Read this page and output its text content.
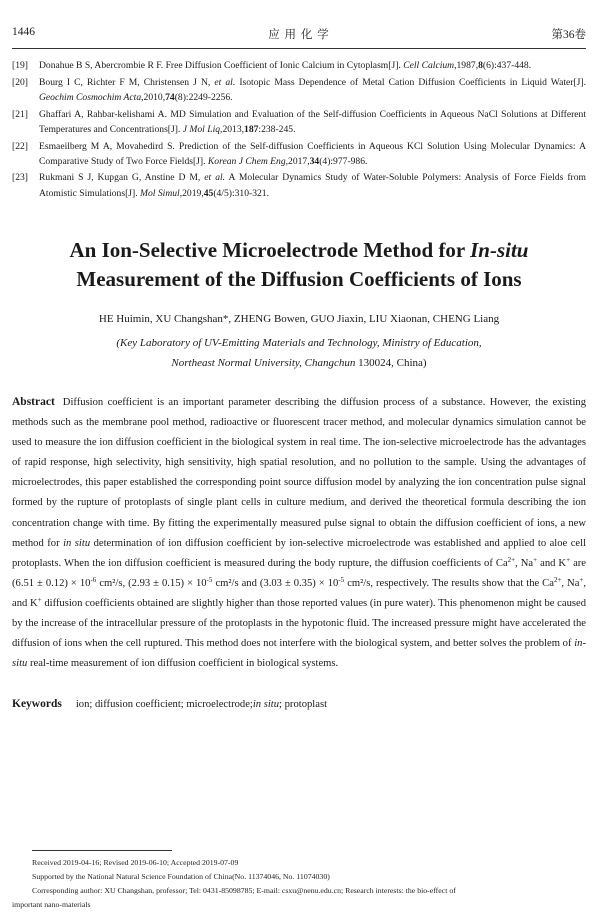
1446	应 用 化 学	第36卷
[19] Donahue B S, Abercrombie R F. Free Diffusion Coefficient of Ionic Calcium in Cytoplasm[J]. Cell Calcium,1987,8(6):437-448.
[20] Bourg I C, Richter F M, Christensen J N, et al. Isotopic Mass Dependence of Metal Cation Diffusion Coefficients in Liquid Water[J]. Geochim Cosmochim Acta,2010,74(8):2249-2256.
[21] Ghaffari A, Rahbar-kelishami A. MD Simulation and Evaluation of the Self-diffusion Coefficients in Aqueous NaCl Solutions at Different Temperatures and Concentrations[J]. J Mol Liq,2013,187:238-245.
[22] Esmaeilberg M A, Movahedird S. Prediction of the Self-diffusion Coefficients in Aqueous KCl Solution Using Molecular Dynamics: A Comparative Study of Two Force Fields[J]. Korean J Chem Eng,2017,34(4):977-986.
[23] Rukmani S J, Kupgan G, Anstine D M, et al. A Molecular Dynamics Study of Water-Soluble Polymers: Analysis of Force Fields from Atomistic Simulations[J]. Mol Simul,2019,45(4/5):310-321.
An Ion-Selective Microelectrode Method for In-situ
Measurement of the Diffusion Coefficients of Ions
HE Huimin, XU Changshan*, ZHENG Bowen, GUO Jiaxin, LIU Xiaonan, CHENG Liang
(Key Laboratory of UV-Emitting Materials and Technology, Ministry of Education,
Northeast Normal University, Changchun 130024, China)
Abstract Diffusion coefficient is an important parameter describing the diffusion process of a substance. However, the existing methods such as the membrane pool method, radioactive or fluorescent tracer method, and molecular dynamics simulation cannot be used to measure the ion diffusion coefficient in the biological system in real time. The ion-selective microelectrode has the advantages of rapid response, high selectivity, high sensitivity, high spatial resolution, and no pollution to the sample. Using the advantages of microelectrodes, this paper established the corresponding point source diffusion model by analyzing the ion concentration pulse signal formed by the rupture of protoplasts of single plant cells in culture medium, and derived the theoretical formula describing the ion concentration change with time. By fitting the experimentally measured pulse signal to obtain the diffusion coefficient of ions, a new method for in situ determination of ion diffusion coefficient by ion-selective microelectrode was established and applied to aloe cell protoplasts. When the ion diffusion coefficient is measured during the body rupture, the diffusion coefficients of $Ca^{2+}$, Na+ and K+ are $(6.51 \pm 0.12) \times 10^{-6}$ cm²/s, $(2.93 \pm 0.15) \times 10^{-5}$ cm²/s and $(3.03 \pm 0.35) \times 10^{-5}$ cm²/s, respectively. The results show that the $Ca^{2+}$, Na+, and K+ diffusion coefficients obtained are slightly higher than those reported values (in pure water). This phenomenon might be caused by the increase of the intracellular pressure of the protoplasts in the hypotonic fluid. The increased pressure might have accelerated the diffusion of ions when the cell ruptured. This method does not interfere with the biological system, and better solves the problem of in-situ real-time measurement of ion diffusion coefficient in biological systems.
Keywords ion; diffusion coefficient; microelectrode;in situ; protoplast
Received 2019-04-16; Revised 2019-06-10; Accepted 2019-07-09
Supported by the National Natural Science Foundation of China(No. 11374046, No. 11074030)
Corresponding author: XU Changshan, professor; Tel: 0431-85098785; E-mail: csxu@nenu.edu.cn; Research interests: the bio-effect of
important nano-materials
